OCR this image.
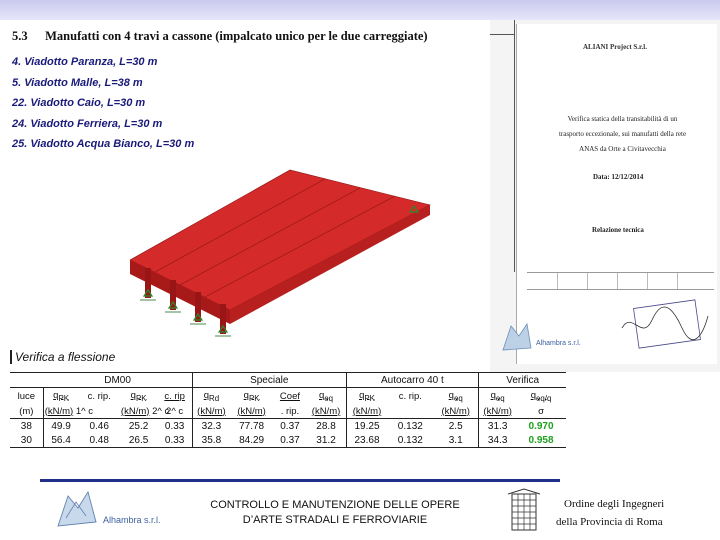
5.3 Manufatti con 4 travi a cassone (impalcato unico per le due carreggiate)
4. Viadotto Paranza, L=30 m
5. Viadotto Malle, L=38 m
22. Viadotto Caio, L=30 m
24. Viadotto Ferriera, L=30 m
25. Viadotto Acqua Bianco, L=30 m
Verifica a flessione
	DM00				Speciale				Autocarro 40 t			Verifica	
luce	$q_{PK}$	c. rip.	$q_{PK}$	c. rip	$q_{Rd}$	$q_{PK}$	Coef	$q_{eq}$	$q_{PK}$	c. rip.	$q_{eq}$	$q_{eq}$	$q_{eq/q}$
(m)	(kN/m) 1^ c		(kN/m) 2^ c	2^ c	(kN/m)	(kN/m)	. rip.	(kN/m)	(kN/m)		(kN/m)	(kN/m)	σ
38	49.9	0.46	25.2	0.33	32.3	77.78	0.37	28.8	19.25	0.132	2.5	31.3	0.970
30	56.4	0.48	26.5	0.33	35.8	84.29	0.37	31.2	23.68	0.132	3.1	34.3	0.958
ALIANI Project S.r.l.
Verifica statica della transitabilità di un
trasporto eccezionale, sui manufatti della rete
ANAS da Orte a Civitavecchia
Data: 12/12/2014
Relazione tecnica
Alhambra s.r.l.
Alhambra s.r.l.
CONTROLLO E MANUTENZIONE DELLE OPERE
D’ARTE STRADALI E FERROVIARIE
Ordine degli Ingegneri
della Provincia di Roma
